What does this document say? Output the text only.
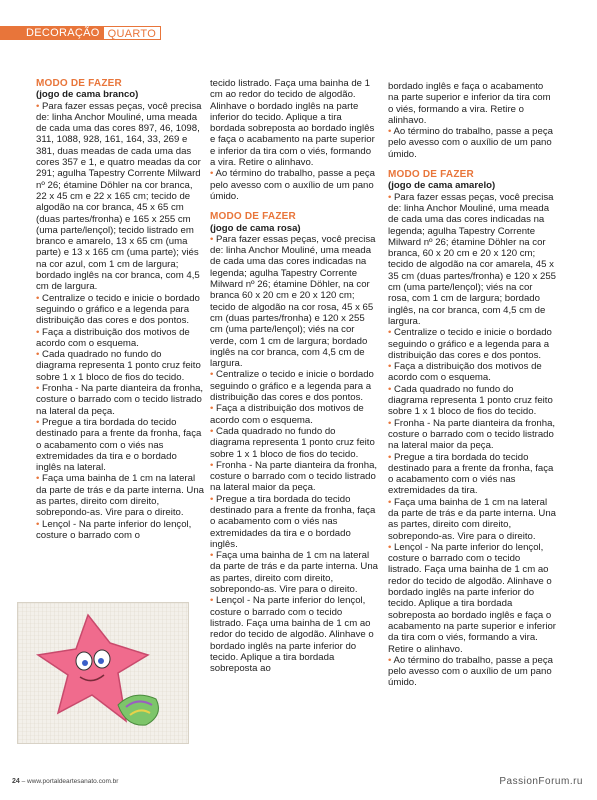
DECORAÇÃO QUARTO
MODO DE FAZER
(jogo de cama branco)

• Para fazer essas peças, você precisa de: linha Anchor Mouliné, uma meada de cada uma das cores 897, 46, 1098, 311, 1088, 928, 161, 164, 33, 269 e 381, duas meadas de cada uma das cores 357 e 1, e quatro meadas da cor 291; agulha Tapestry Corrente Milward nº 26; étamine Döhler na cor branca, 22 x 45 cm e 22 x 165 cm; tecido de algodão na cor branca, 45 x 65 cm (duas partes/fronha) e 165 x 255 cm (uma parte/lençol); tecido listrado em branco e amarelo, 13 x 65 cm (uma parte) e 13 x 165 cm (uma parte); viés na cor azul, com 1 cm de largura; bordado inglês na cor branca, com 4,5 cm de largura.

• Centralize o tecido e inicie o bordado seguindo o gráfico e a legenda para distribuição das cores e dos pontos.

• Faça a distribuição dos motivos de acordo com o esquema.

• Cada quadrado no fundo do diagrama representa 1 ponto cruz feito sobre 1 x 1 bloco de fios do tecido.

• Fronha - Na parte dianteira da fronha, costure o barrado com o tecido listrado na lateral da peça.

• Pregue a tira bordada do tecido destinado para a frente da fronha, faça o acabamento com o viés nas extremidades da tira e o bordado inglês na lateral.

• Faça uma bainha de 1 cm na lateral da parte de trás e da parte interna. Una as partes, direito com direito, sobrepondo-as. Vire para o direito.

• Lençol - Na parte inferior do lençol, costure o barrado com o

tecido listrado. Faça uma bainha de 1 cm ao redor do tecido de algodão. Alinhave o bordado inglês na parte inferior do tecido. Aplique a tira bordada sobreposta ao bordado inglês e faça o acabamento na parte superior e inferior da tira com o viés, formando a vira. Retire o alinhavo.

• Ao término do trabalho, passe a peça pelo avesso com o auxílio de um pano úmido.

MODO DE FAZER
(jogo de cama rosa)

• Para fazer essas peças, você precisa de: linha Anchor Mouliné, uma meada de cada uma das cores indicadas na legenda; agulha Tapestry Corrente Milward nº 26; étamine Döhler, na cor branca 60 x 20 cm e 20 x 120 cm; tecido de algodão na cor rosa, 45 x 65 cm (duas partes/fronha) e 120 x 255 cm (uma parte/lençol); viés na cor verde, com 1 cm de largura; bordado inglês na cor branca, com 4,5 cm de largura.

• Centralize o tecido e inicie o bordado seguindo o gráfico e a legenda para a distribuição das cores e dos pontos.

• Faça a distribuição dos motivos de acordo com o esquema.

• Cada quadrado no fundo do diagrama representa 1 ponto cruz feito sobre 1 x 1 bloco de fios do tecido.

• Fronha - Na parte dianteira da fronha, costure o barrado com o tecido listrado na lateral maior da peça.

• Pregue a tira bordada do tecido destinado para a frente da fronha, faça o acabamento com o viés nas extremidades da tira e o bordado inglês.

• Faça uma bainha de 1 cm na lateral da parte de trás e da parte interna. Una as partes, direito com direito, sobrepondo-as. Vire para o direito.

• Lençol - Na parte inferior do lençol, costure o barrado com o tecido listrado. Faça uma bainha de 1 cm ao redor do tecido de algodão. Alinhave o bordado inglês na parte inferior do tecido. Aplique a tira bordada sobreposta ao

bordado inglês e faça o acabamento na parte superior e inferior da tira com o viés, formando a vira. Retire o alinhavo.

• Ao término do trabalho, passe a peça pelo avesso com o auxílio de um pano úmido.

MODO DE FAZER
(jogo de cama amarelo)

• Para fazer essas peças, você precisa de: linha Anchor Mouliné, uma meada de cada uma das cores indicadas na legenda; agulha Tapestry Corrente Milward nº 26; étamine Döhler na cor branca, 60 x 20 cm e 20 x 120 cm; tecido de algodão na cor amarela, 45 x 35 cm (duas partes/fronha) e 120 x 255 cm (uma parte/lençol); viés na cor rosa, com 1 cm de largura; bordado inglês, na cor branca, com 4,5 cm de largura.

• Centralize o tecido e inicie o bordado seguindo o gráfico e a legenda para a distribuição das cores e dos pontos.

• Faça a distribuição dos motivos de acordo com o esquema.

• Cada quadrado no fundo do diagrama representa 1 ponto cruz feito sobre 1 x 1 bloco de fios do tecido.

• Fronha - Na parte dianteira da fronha, costure o barrado com o tecido listrado na lateral maior da peça.

• Pregue a tira bordada do tecido destinado para a frente da fronha, faça o acabamento com o viés nas extremidades da tira.

• Faça uma bainha de 1 cm na lateral da parte de trás e da parte interna. Una as partes, direito com direito, sobrepondo-as. Vire para o direito.

• Lençol - Na parte inferior do lençol, costure o barrado com o tecido listrado. Faça uma bainha de 1 cm ao redor do tecido de algodão. Alinhave o bordado inglês na parte inferior do tecido. Aplique a tira bordada sobreposta ao bordado inglês e faça o acabamento na parte superior e inferior da tira com o viés, formando a vira. Retire o alinhavo.

• Ao término do trabalho, passe a peça pelo avesso com o auxílio de um pano úmido.

24 – www.portaldeartesanato.com.br	PassionForum.ru
